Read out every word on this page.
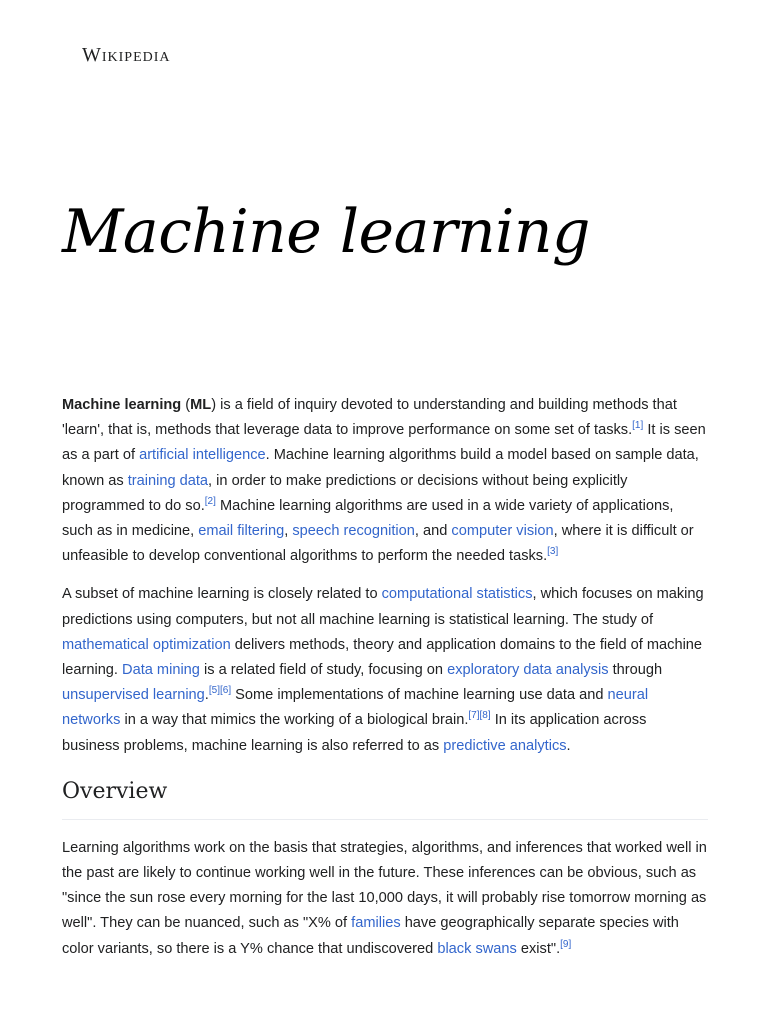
Wikipedia
Machine learning

Machine learning (ML) is a field of inquiry devoted to understanding and building methods that 'learn', that is, methods that leverage data to improve performance on some set of tasks.[1] It is seen as a part of artificial intelligence. Machine learning algorithms build a model based on sample data, known as training data, in order to make predictions or decisions without being explicitly programmed to do so.[2] Machine learning algorithms are used in a wide variety of applications, such as in medicine, email filtering, speech recognition, and computer vision, where it is difficult or unfeasible to develop conventional algorithms to perform the needed tasks.[3]

A subset of machine learning is closely related to computational statistics, which focuses on making predictions using computers, but not all machine learning is statistical learning. The study of mathematical optimization delivers methods, theory and application domains to the field of machine learning. Data mining is a related field of study, focusing on exploratory data analysis through unsupervised learning.[5][6] Some implementations of machine learning use data and neural networks in a way that mimics the working of a biological brain.[7][8] In its application across business problems, machine learning is also referred to as predictive analytics.

Overview

Learning algorithms work on the basis that strategies, algorithms, and inferences that worked well in the past are likely to continue working well in the future. These inferences can be obvious, such as "since the sun rose every morning for the last 10,000 days, it will probably rise tomorrow morning as well". They can be nuanced, such as "X% of families have geographically separate species with color variants, so there is a Y% chance that undiscovered black swans exist".[9]
